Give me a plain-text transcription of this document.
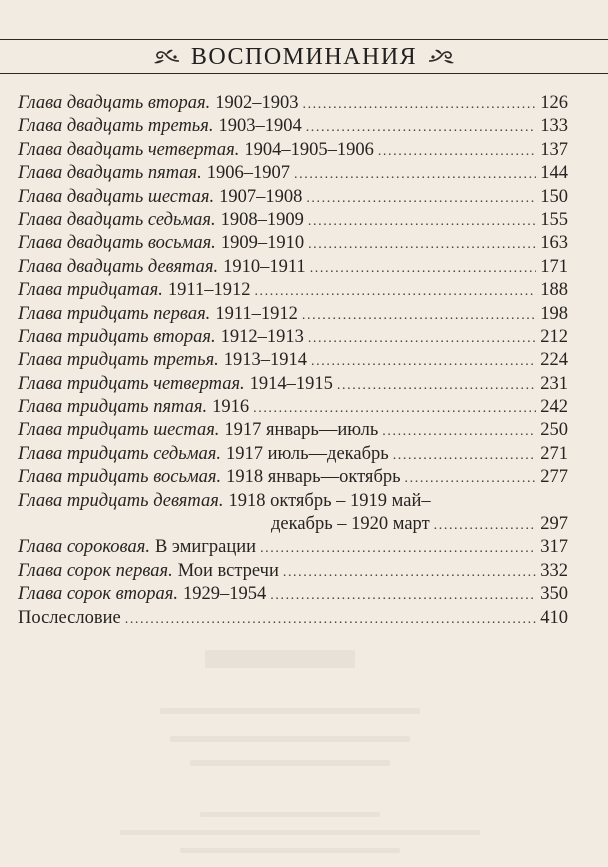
ВОСПОМИНАНИЯ
Глава двадцать вторая. 1902–1903 .....	126
Глава двадцать третья. 1903–1904 .....	133
Глава двадцать четвертая. 1904–1905–1906 .....	137
Глава двадцать пятая. 1906–1907 .....	144
Глава двадцать шестая. 1907–1908 .....	150
Глава двадцать седьмая. 1908–1909 .....	155
Глава двадцать восьмая. 1909–1910 .....	163
Глава двадцать девятая. 1910–1911 .....	171
Глава тридцатая. 1911–1912 .....	188
Глава тридцать первая. 1911–1912 .....	198
Глава тридцать вторая. 1912–1913 .....	212
Глава тридцать третья. 1913–1914 .....	224
Глава тридцать четвертая. 1914–1915 .....	231
Глава тридцать пятая. 1916 .....	242
Глава тридцать шестая. 1917 январь—июль .....	250
Глава тридцать седьмая. 1917 июль—декабрь .....	271
Глава тридцать восьмая. 1918 январь—октябрь .....	277
Глава тридцать девятая. 1918 октябрь – 1919 май–
декабрь – 1920 март .....	297
Глава сороковая. В эмиграции .....	317
Глава сорок первая. Мои встречи .....	332
Глава сорок вторая. 1929–1954 .....	350
Послесловие .....	410
